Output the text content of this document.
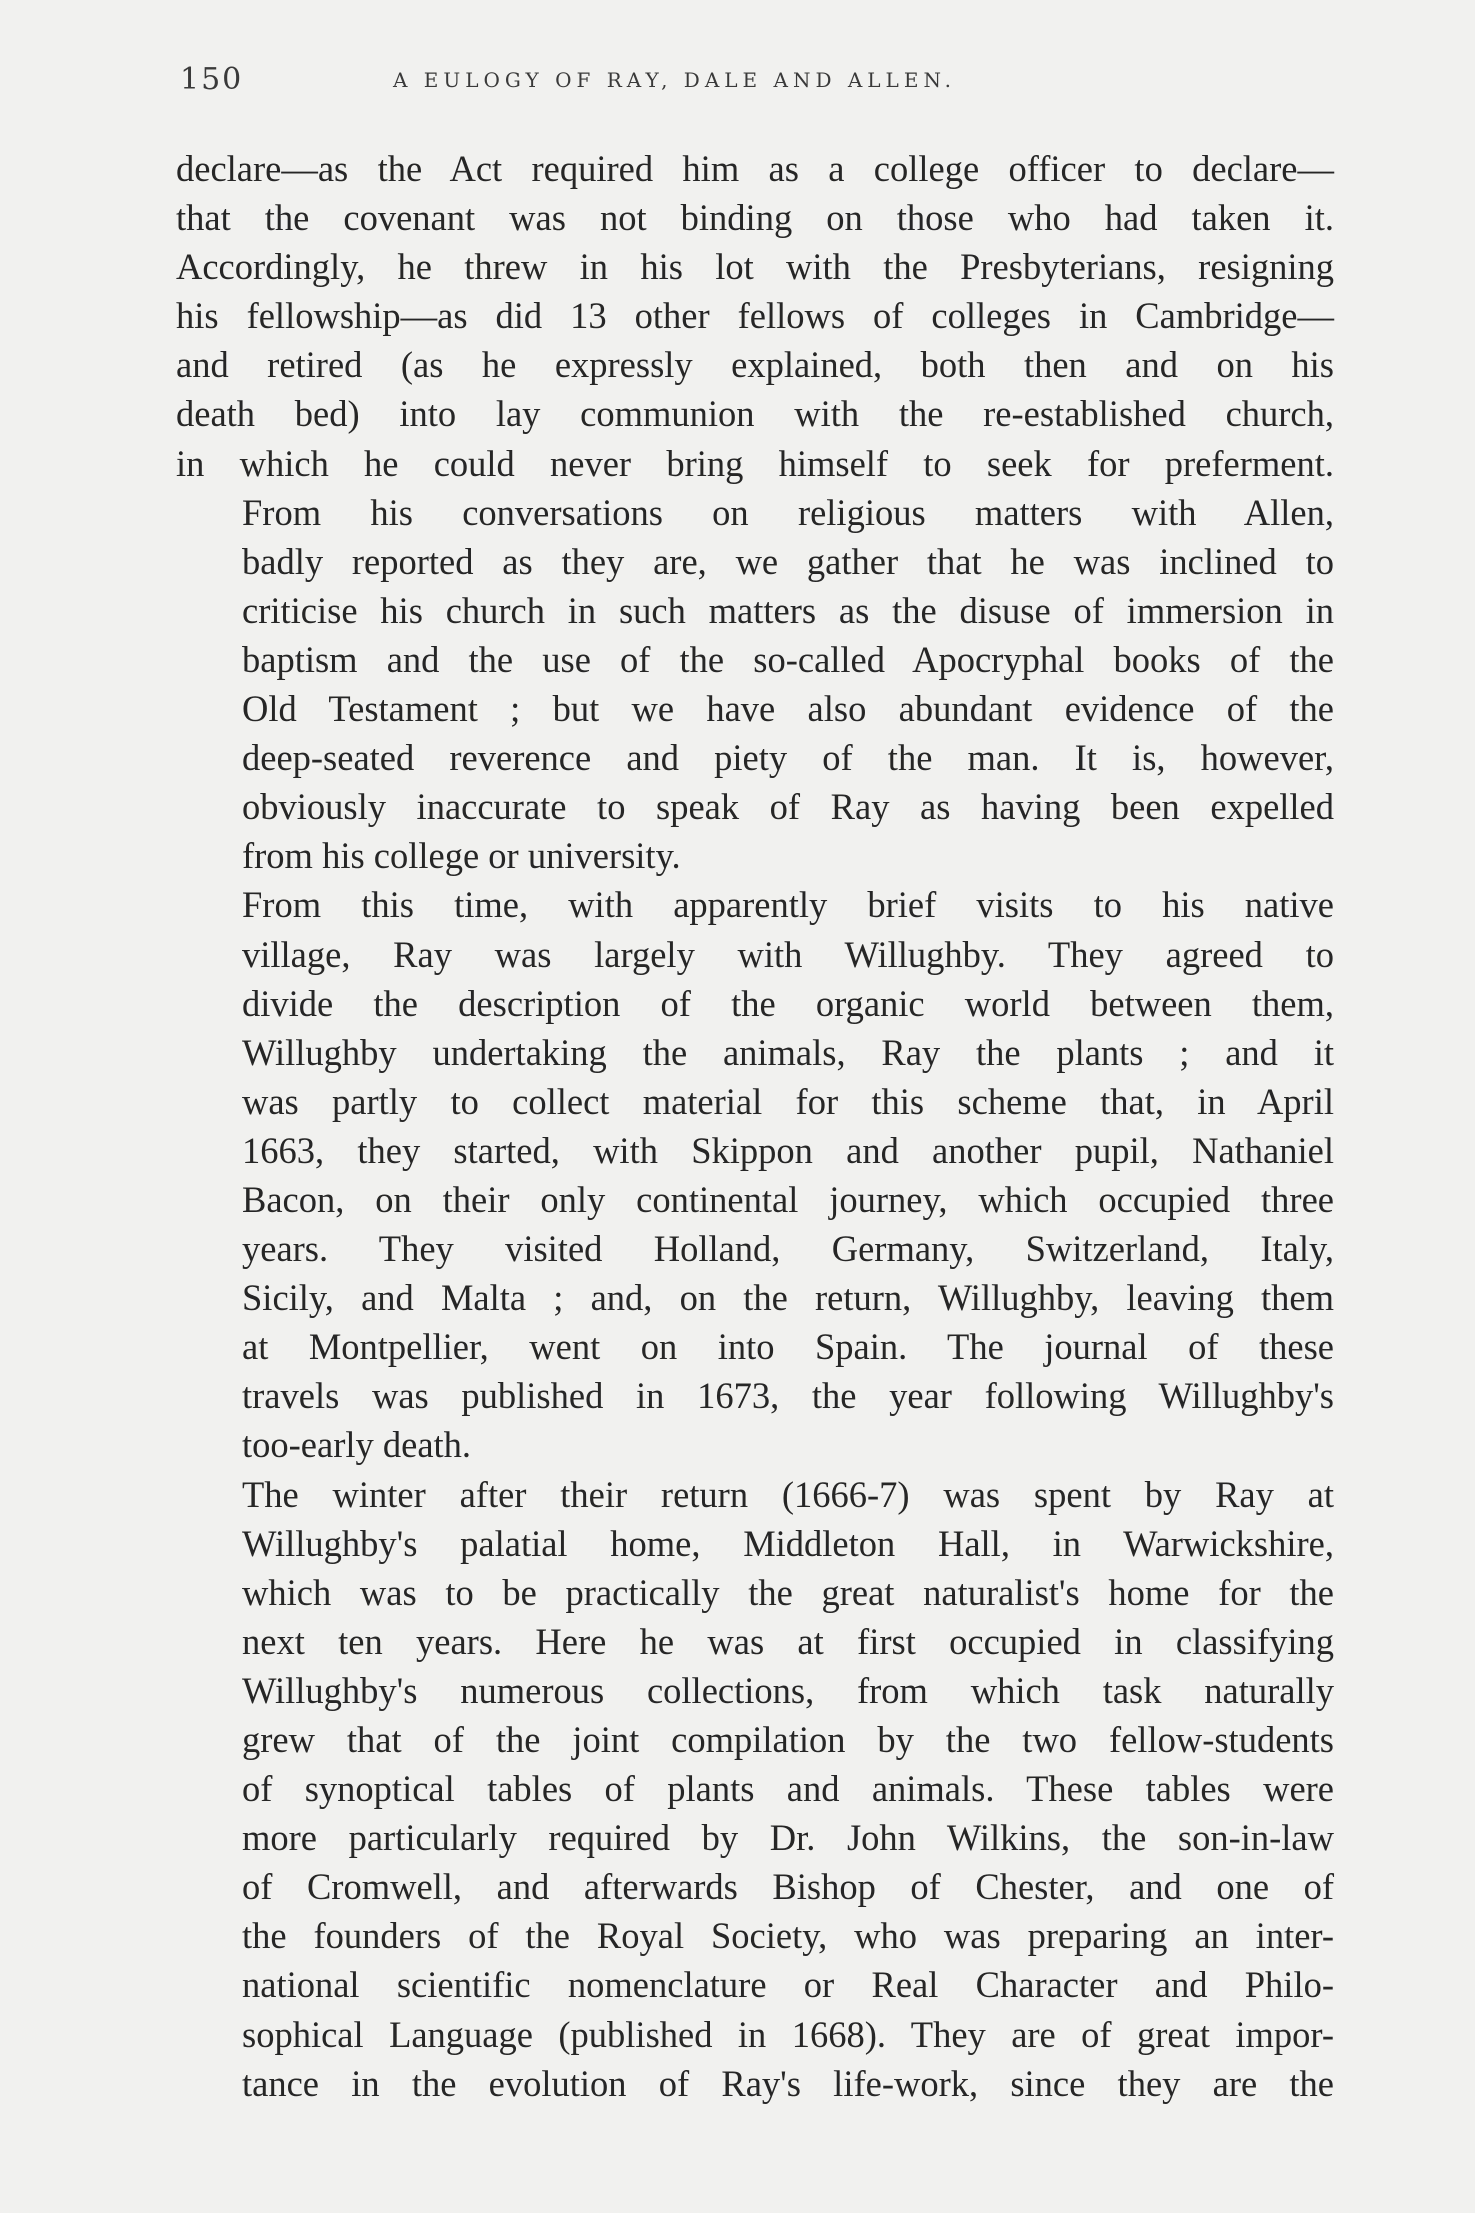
150	A EULOGY OF RAY, DALE AND ALLEN.

declare—as the Act required him as a college officer to declare—
that the covenant was not binding on those who had taken it.
Accordingly, he threw in his lot with the Presbyterians, resigning
his fellowship—as did 13 other fellows of colleges in Cambridge—
and retired (as he expressly explained, both then and on his
death bed) into lay communion with the re-established church,
in which he could never bring himself to seek for preferment.

From his conversations on religious matters with Allen,
badly reported as they are, we gather that he was inclined to
criticise his church in such matters as the disuse of immersion in
baptism and the use of the so-called Apocryphal books of the
Old Testament ; but we have also abundant evidence of the
deep-seated reverence and piety of the man. It is, however,
obviously inaccurate to speak of Ray as having been expelled
from his college or university.

From this time, with apparently brief visits to his native
village, Ray was largely with Willughby. They agreed to
divide the description of the organic world between them,
Willughby undertaking the animals, Ray the plants ; and it
was partly to collect material for this scheme that, in April
1663, they started, with Skippon and another pupil, Nathaniel
Bacon, on their only continental journey, which occupied three
years. They visited Holland, Germany, Switzerland, Italy,
Sicily, and Malta ; and, on the return, Willughby, leaving them
at Montpellier, went on into Spain. The journal of these
travels was published in 1673, the year following Willughby's
too-early death.

The winter after their return (1666-7) was spent by Ray at
Willughby's palatial home, Middleton Hall, in Warwickshire,
which was to be practically the great naturalist's home for the
next ten years. Here he was at first occupied in classifying
Willughby's numerous collections, from which task naturally
grew that of the joint compilation by the two fellow-students
of synoptical tables of plants and animals. These tables were
more particularly required by Dr. John Wilkins, the son-in-law
of Cromwell, and afterwards Bishop of Chester, and one of
the founders of the Royal Society, who was preparing an inter-
national scientific nomenclature or Real Character and Philo-
sophical Language (published in 1668). They are of great impor-
tance in the evolution of Ray's life-work, since they are the
